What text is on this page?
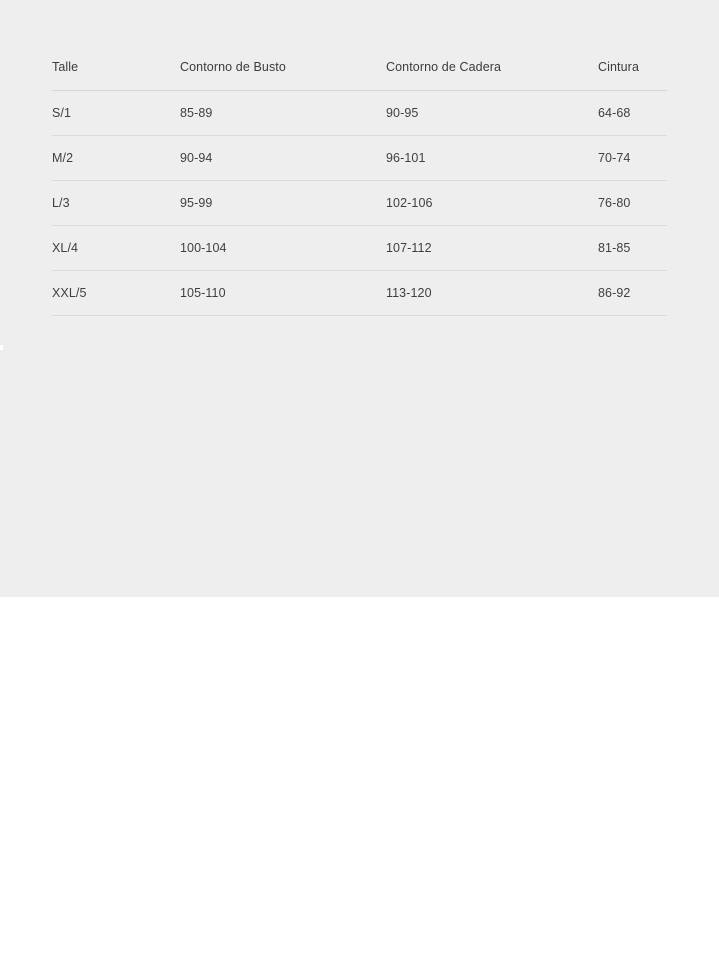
Talle	Contorno de Busto	Contorno de Cadera	Cintura
S/1	85-89	90-95	64-68
M/2	90-94	96-101	70-74
L/3	95-99	102-106	76-80
XL/4	100-104	107-112	81-85
XXL/5	105-110	113-120	86-92
